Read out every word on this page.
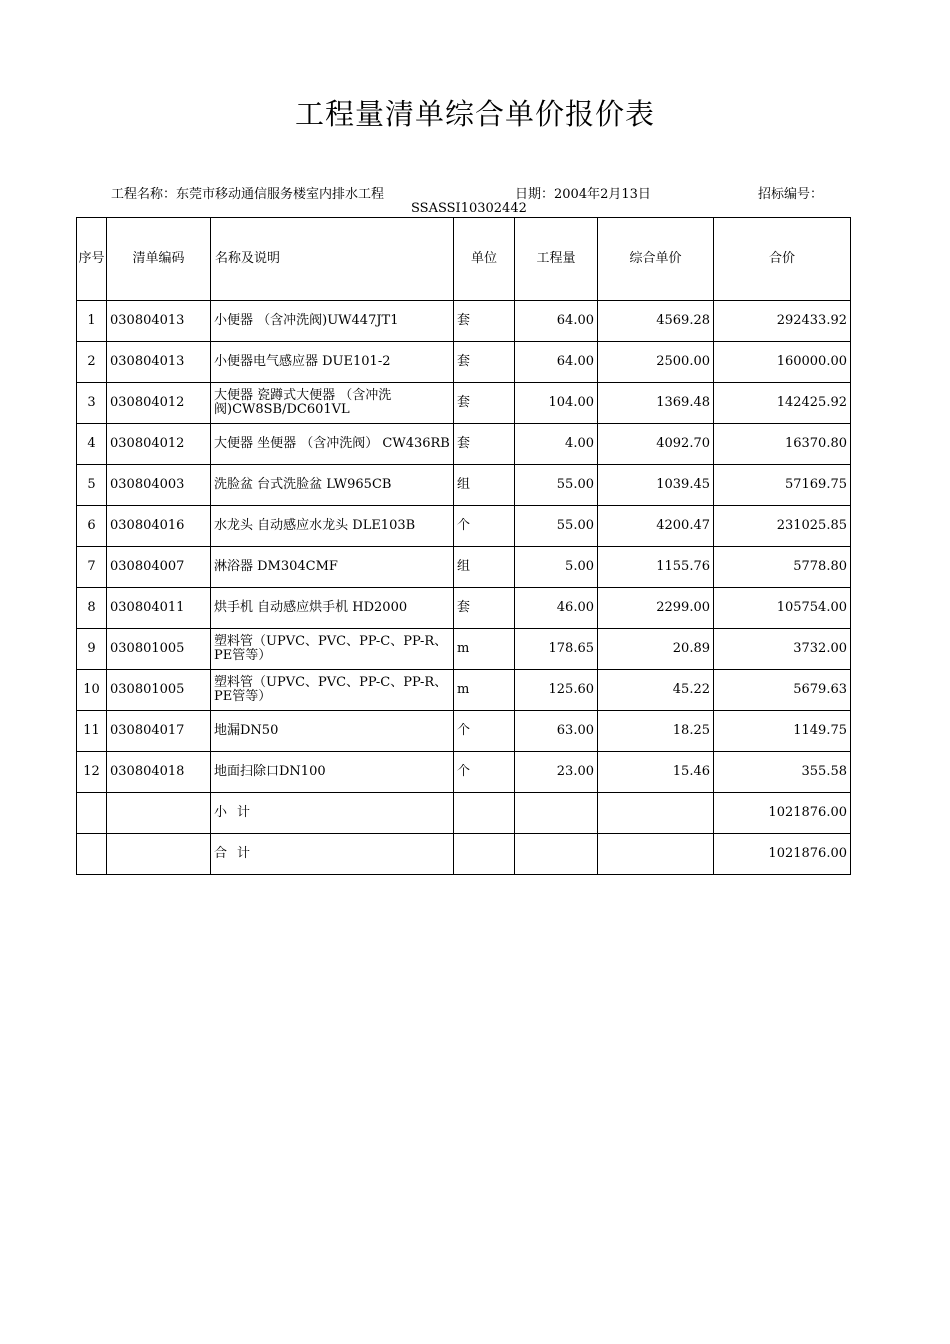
工程量清单综合单价报价表
工程名称：东莞市移动通信服务楼室内排水工程	日期：2004年2月13日	招标编号：
SSASSI10302442
序号	清单编码	名称及说明	单位	工程量	综合单价	合价
1	030804013	小便器 （含冲洗阀)UW447JT1	套	64.00	4569.28	292433.92
2	030804013	小便器电气感应器 DUE101-2	套	64.00	2500.00	160000.00
3	030804012	大便器 瓷蹲式大便器 （含冲洗阀)CW8SB/DC601VL	套	104.00	1369.48	142425.92
4	030804012	大便器 坐便器 （含冲洗阀） CW436RB	套	4.00	4092.70	16370.80
5	030804003	洗脸盆 台式洗脸盆 LW965CB	组	55.00	1039.45	57169.75
6	030804016	水龙头 自动感应水龙头 DLE103B	个	55.00	4200.47	231025.85
7	030804007	淋浴器 DM304CMF	组	5.00	1155.76	5778.80
8	030804011	烘手机 自动感应烘手机 HD2000	套	46.00	2299.00	105754.00
9	030801005	塑料管（UPVC、PVC、PP-C、PP-R、PE管等）	m	178.65	20.89	3732.00
10	030801005	塑料管（UPVC、PVC、PP-C、PP-R、PE管等）	m	125.60	45.22	5679.63
11	030804017	地漏DN50	个	63.00	18.25	1149.75
12	030804018	地面扫除口DN100	个	23.00	15.46	355.58
		小计				1021876.00
		合计				1021876.00
